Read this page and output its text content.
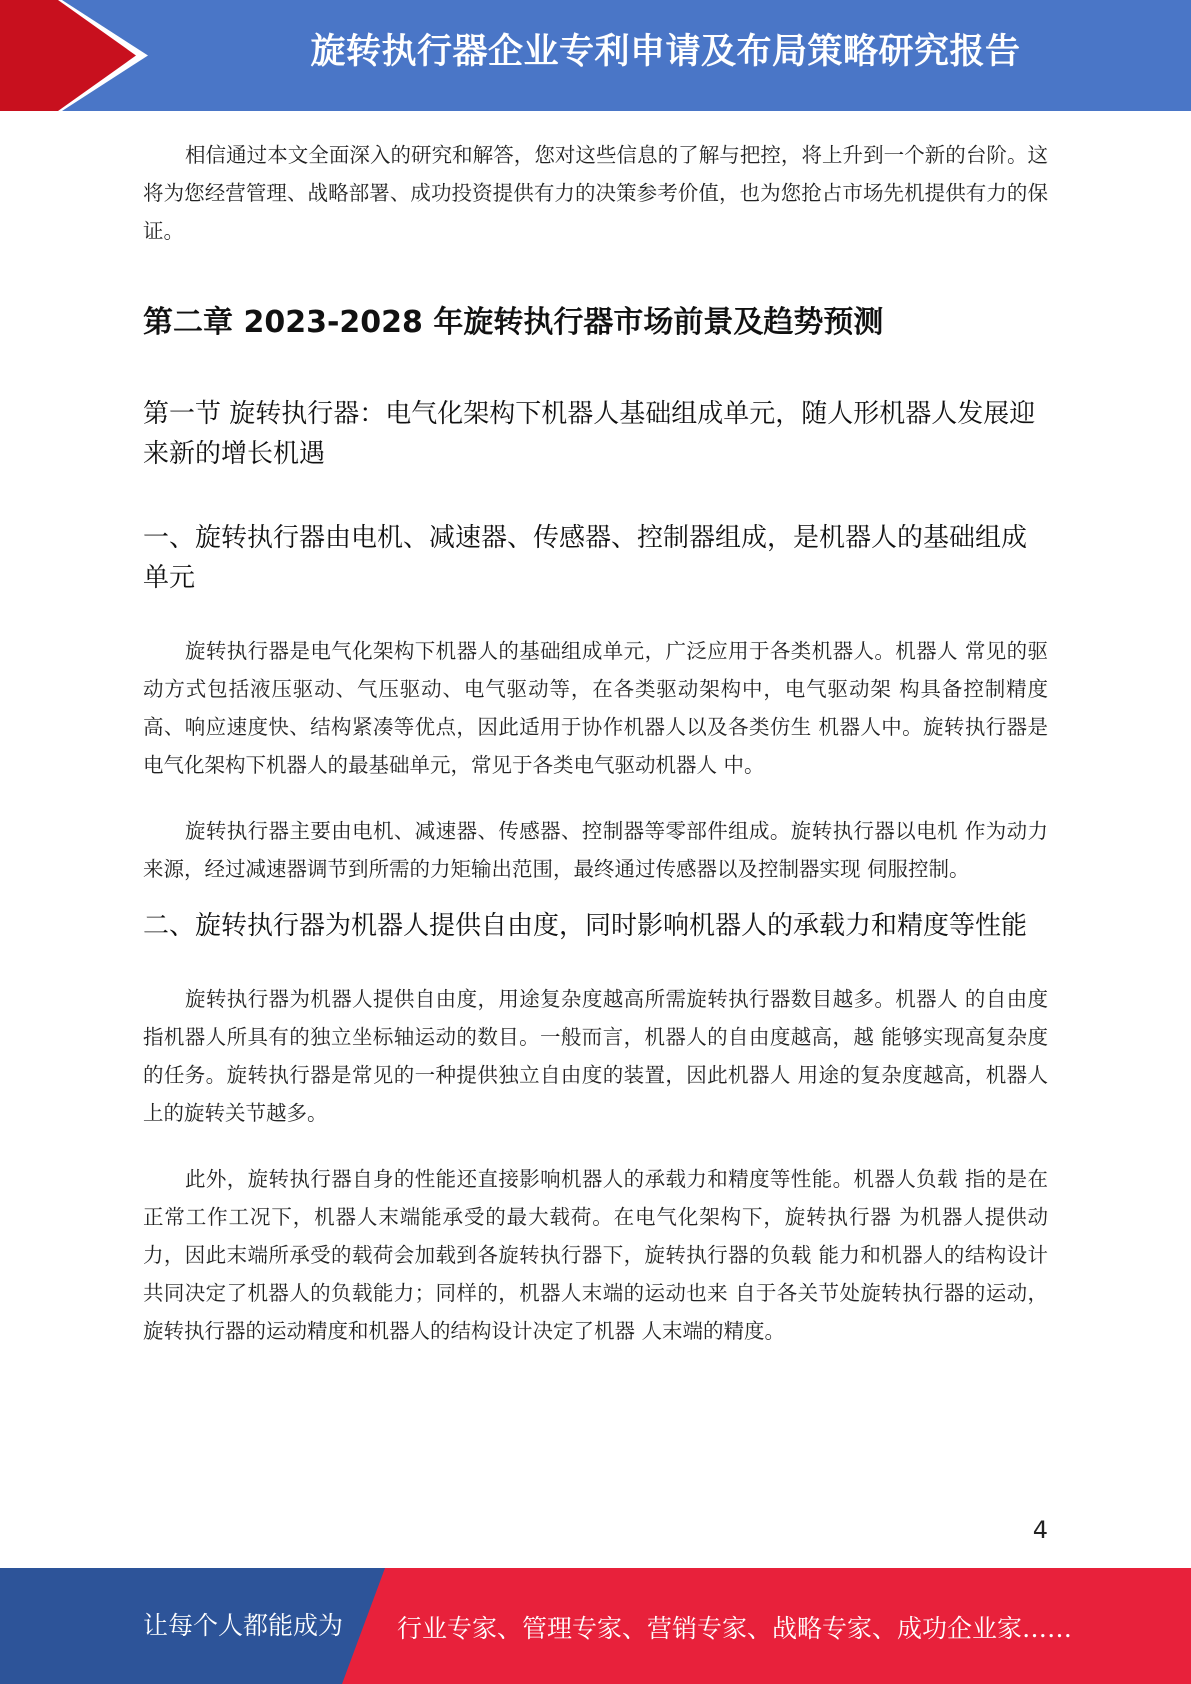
旋转执行器企业专利申请及布局策略研究报告

相信通过本文全面深入的研究和解答，您对这些信息的了解与把控，将上升到一个新的台阶。这将为您经营管理、战略部署、成功投资提供有力的决策参考价值，也为您抢占市场先机提供有力的保证。

第二章 2023-2028 年旋转执行器市场前景及趋势预测
第一节 旋转执行器：电气化架构下机器人基础组成单元，随人形机器人发展迎来新的增长机遇
一、旋转执行器由电机、减速器、传感器、控制器组成，是机器人的基础组成 单元

旋转执行器是电气化架构下机器人的基础组成单元，广泛应用于各类机器人。机器人 常见的驱动方式包括液压驱动、气压驱动、电气驱动等，在各类驱动架构中，电气驱动架 构具备控制精度高、响应速度快、结构紧凑等优点，因此适用于协作机器人以及各类仿生 机器人中。旋转执行器是电气化架构下机器人的最基础单元，常见于各类电气驱动机器人 中。

旋转执行器主要由电机、减速器、传感器、控制器等零部件组成。旋转执行器以电机 作为动力来源，经过减速器调节到所需的力矩输出范围，最终通过传感器以及控制器实现 伺服控制。

二、旋转执行器为机器人提供自由度，同时影响机器人的承载力和精度等性能

旋转执行器为机器人提供自由度，用途复杂度越高所需旋转执行器数目越多。机器人 的自由度指机器人所具有的独立坐标轴运动的数目。一般而言，机器人的自由度越高，越 能够实现高复杂度的任务。旋转执行器是常见的一种提供独立自由度的装置，因此机器人 用途的复杂度越高，机器人上的旋转关节越多。

此外，旋转执行器自身的性能还直接影响机器人的承载力和精度等性能。机器人负载 指的是在正常工作工况下，机器人末端能承受的最大载荷。在电气化架构下，旋转执行器 为机器人提供动力，因此末端所承受的载荷会加载到各旋转执行器下，旋转执行器的负载 能力和机器人的结构设计共同决定了机器人的负载能力；同样的，机器人末端的运动也来 自于各关节处旋转执行器的运动，旋转执行器的运动精度和机器人的结构设计决定了机器 人末端的精度。

4
让每个人都能成为 行业专家、管理专家、营销专家、战略专家、成功企业家……
